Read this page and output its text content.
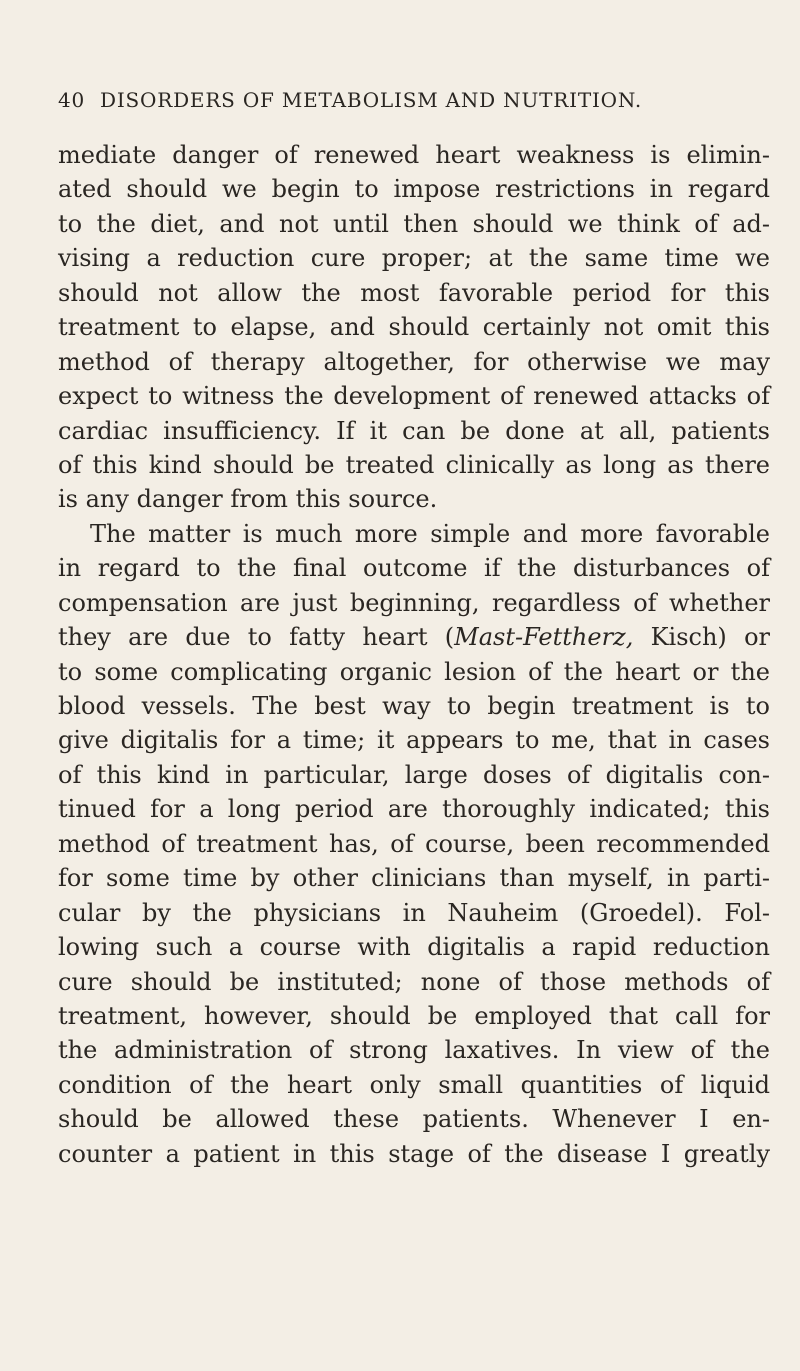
40 DISORDERS OF METABOLISM AND NUTRITION.
mediate danger of renewed heart weakness is elimin-
ated should we begin to impose restrictions in regard
to the diet, and not until then should we think of ad-
vising a reduction cure proper; at the same time we
should not allow the most favorable period for this
treatment to elapse, and should certainly not omit this
method of therapy altogether, for otherwise we may
expect to witness the development of renewed attacks of
cardiac insufficiency. If it can be done at all, patients
of this kind should be treated clinically as long as there
is any danger from this source.
The matter is much more simple and more favorable
in regard to the final outcome if the disturbances of
compensation are just beginning, regardless of whether
they are due to fatty heart (Mast-Fettherz, Kisch) or
to some complicating organic lesion of the heart or the
blood vessels. The best way to begin treatment is to
give digitalis for a time; it appears to me, that in cases
of this kind in particular, large doses of digitalis con-
tinued for a long period are thoroughly indicated; this
method of treatment has, of course, been recommended
for some time by other clinicians than myself, in parti-
cular by the physicians in Nauheim (Groedel). Fol-
lowing such a course with digitalis a rapid reduction
cure should be instituted; none of those methods of
treatment, however, should be employed that call for
the administration of strong laxatives. In view of the
condition of the heart only small quantities of liquid
should be allowed these patients. Whenever I en-
counter a patient in this stage of the disease I greatly
